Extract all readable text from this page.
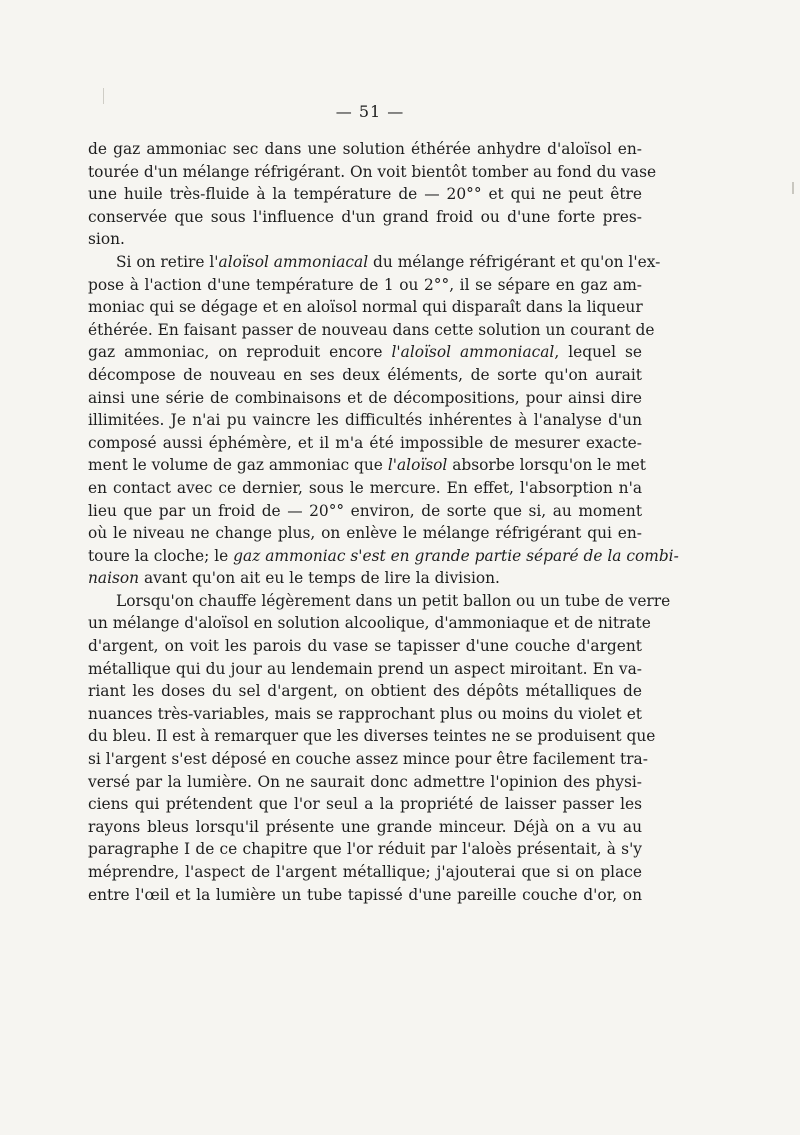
— 51 —
de gaz ammoniac sec dans une solution éthérée anhydre d'aloïsol en-
tourée d'un mélange réfrigérant. On voit bientôt tomber au fond du vase
une huile très-fluide à la température de — 20°° et qui ne peut être
conservée que sous l'influence d'un grand froid ou d'une forte pres-
sion.
Si on retire l'aloïsol ammoniacal du mélange réfrigérant et qu'on l'ex-
pose à l'action d'une température de 1 ou 2°°, il se sépare en gaz am-
moniac qui se dégage et en aloïsol normal qui disparaît dans la liqueur
éthérée. En faisant passer de nouveau dans cette solution un courant de
gaz ammoniac, on reproduit encore l'aloïsol ammoniacal, lequel se
décompose de nouveau en ses deux éléments, de sorte qu'on aurait
ainsi une série de combinaisons et de décompositions, pour ainsi dire
illimitées. Je n'ai pu vaincre les difficultés inhérentes à l'analyse d'un
composé aussi éphémère, et il m'a été impossible de mesurer exacte-
ment le volume de gaz ammoniac que l'aloïsol absorbe lorsqu'on le met
en contact avec ce dernier, sous le mercure. En effet, l'absorption n'a
lieu que par un froid de — 20°° environ, de sorte que si, au moment
où le niveau ne change plus, on enlève le mélange réfrigérant qui en-
toure la cloche; le gaz ammoniac s'est en grande partie séparé de la combi-
naison avant qu'on ait eu le temps de lire la division.
Lorsqu'on chauffe légèrement dans un petit ballon ou un tube de verre
un mélange d'aloïsol en solution alcoolique, d'ammoniaque et de nitrate
d'argent, on voit les parois du vase se tapisser d'une couche d'argent
métallique qui du jour au lendemain prend un aspect miroitant. En va-
riant les doses du sel d'argent, on obtient des dépôts métalliques de
nuances très-variables, mais se rapprochant plus ou moins du violet et
du bleu. Il est à remarquer que les diverses teintes ne se produisent que
si l'argent s'est déposé en couche assez mince pour être facilement tra-
versé par la lumière. On ne saurait donc admettre l'opinion des physi-
ciens qui prétendent que l'or seul a la propriété de laisser passer les
rayons bleus lorsqu'il présente une grande minceur. Déjà on a vu au
paragraphe I de ce chapitre que l'or réduit par l'aloès présentait, à s'y
méprendre, l'aspect de l'argent métallique; j'ajouterai que si on place
entre l'œil et la lumière un tube tapissé d'une pareille couche d'or, on
